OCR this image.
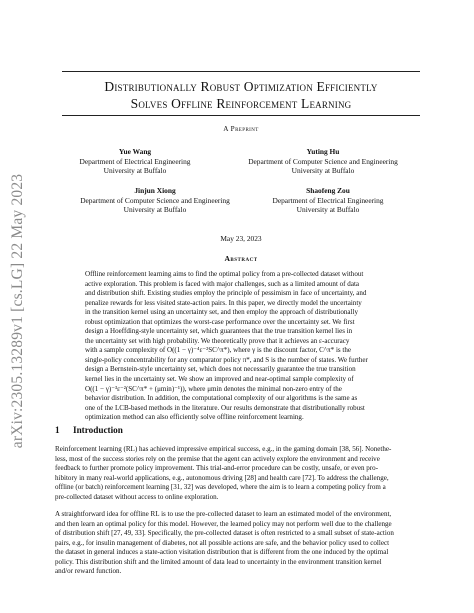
arXiv:2305.13289v1 [cs.LG] 22 May 2023
Distributionally Robust Optimization Efficiently
Solves Offline Reinforcement Learning
A Preprint
Yue Wang
Department of Electrical Engineering
University at Buffalo
Yuting Hu
Department of Computer Science and Engineering
University at Buffalo
Jinjun Xiong
Department of Computer Science and Engineering
University at Buffalo
Shaofeng Zou
Department of Electrical Engineering
University at Buffalo
May 23, 2023
Abstract
Offline reinforcement learning aims to find the optimal policy from a pre-collected dataset without
active exploration. This problem is faced with major challenges, such as a limited amount of data
and distribution shift. Existing studies employ the principle of pessimism in face of uncertainty, and
penalize rewards for less visited state-action pairs. In this paper, we directly model the uncertainty
in the transition kernel using an uncertainty set, and then employ the approach of distributionally
robust optimization that optimizes the worst-case performance over the uncertainty set. We first
design a Hoeffding-style uncertainty set, which guarantees that the true transition kernel lies in
the uncertainty set with high probability. We theoretically prove that it achieves an ε-accuracy
with a sample complexity of O((1 − γ)⁻⁴ε⁻²SC^π*), where γ is the discount factor, C^π* is the
single-policy concentrability for any comparator policy π*, and S is the number of states. We further
design a Bernstein-style uncertainty set, which does not necessarily guarantee the true transition
kernel lies in the uncertainty set. We show an improved and near-optimal sample complexity of
O((1 − γ)⁻³ε⁻²(SC^π* + (μmin)⁻¹)), where μmin denotes the minimal non-zero entry of the
behavior distribution. In addition, the computational complexity of our algorithms is the same as
one of the LCB-based methods in the literature. Our results demonstrate that distributionally robust
optimization method can also efficiently solve offline reinforcement learning.
1 Introduction
Reinforcement learning (RL) has achieved impressive empirical success, e.g., in the gaming domain [38, 56]. Nonethe-
less, most of the success stories rely on the premise that the agent can actively explore the environment and receive
feedback to further promote policy improvement. This trial-and-error procedure can be costly, unsafe, or even pro-
hibitory in many real-world applications, e.g., autonomous driving [28] and health care [72]. To address the challenge,
offline (or batch) reinforcement learning [31, 32] was developed, where the aim is to learn a competing policy from a
pre-collected dataset without access to online exploration.
A straightforward idea for offline RL is to use the pre-collected dataset to learn an estimated model of the environment,
and then learn an optimal policy for this model. However, the learned policy may not perform well due to the challenge
of distribution shift [27, 49, 33]. Specifically, the pre-collected dataset is often restricted to a small subset of state-action
pairs, e.g., for insulin management of diabetes, not all possible actions are safe, and the behavior policy used to collect
the dataset in general induces a state-action visitation distribution that is different from the one induced by the optimal
policy. This distribution shift and the limited amount of data lead to uncertainty in the environment transition kernel
and/or reward function.
